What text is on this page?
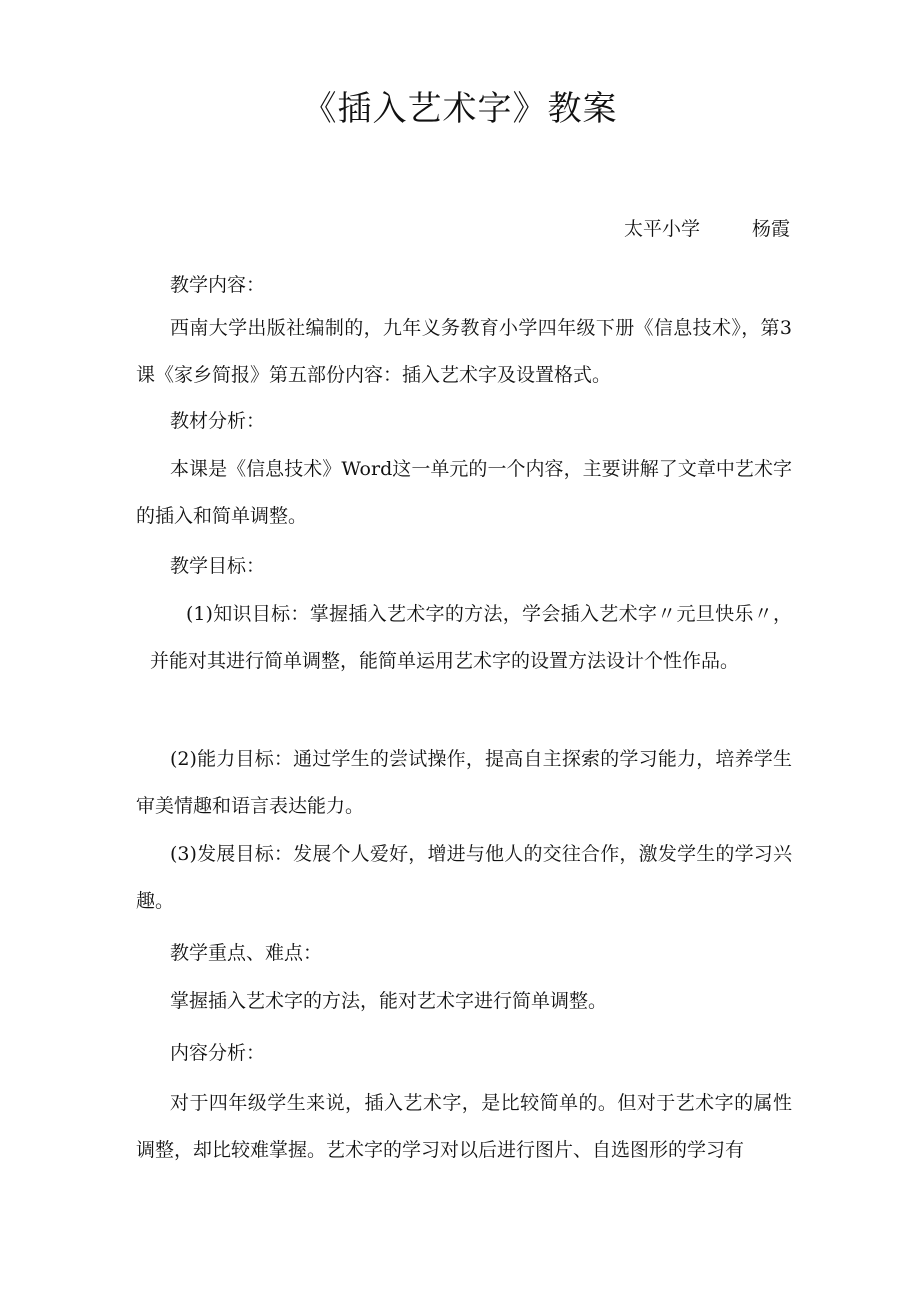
《插入艺术字》教案
太平小学	杨霞

教学内容：

西南大学出版社编制的，九年义务教育小学四年级下册《信息技术》，第3课《家乡简报》第五部份内容：插入艺术字及设置格式。

教材分析：

本课是《信息技术》Word这一单元的一个内容，主要讲解了文章中艺术字的插入和简单调整。

教学目标：

(1)知识目标：掌握插入艺术字的方法，学会插入艺术字〃元旦快乐〃，并能对其进行简单调整，能简单运用艺术字的设置方法设计个性作品。

(2)能力目标：通过学生的尝试操作，提高自主探索的学习能力，培养学生审美情趣和语言表达能力。

(3)发展目标：发展个人爱好，增进与他人的交往合作，激发学生的学习兴趣。

教学重点、难点：

掌握插入艺术字的方法，能对艺术字进行简单调整。

内容分析：

对于四年级学生来说，插入艺术字，是比较简单的。但对于艺术字的属性调整，却比较难掌握。艺术字的学习对以后进行图片、自选图形的学习有
